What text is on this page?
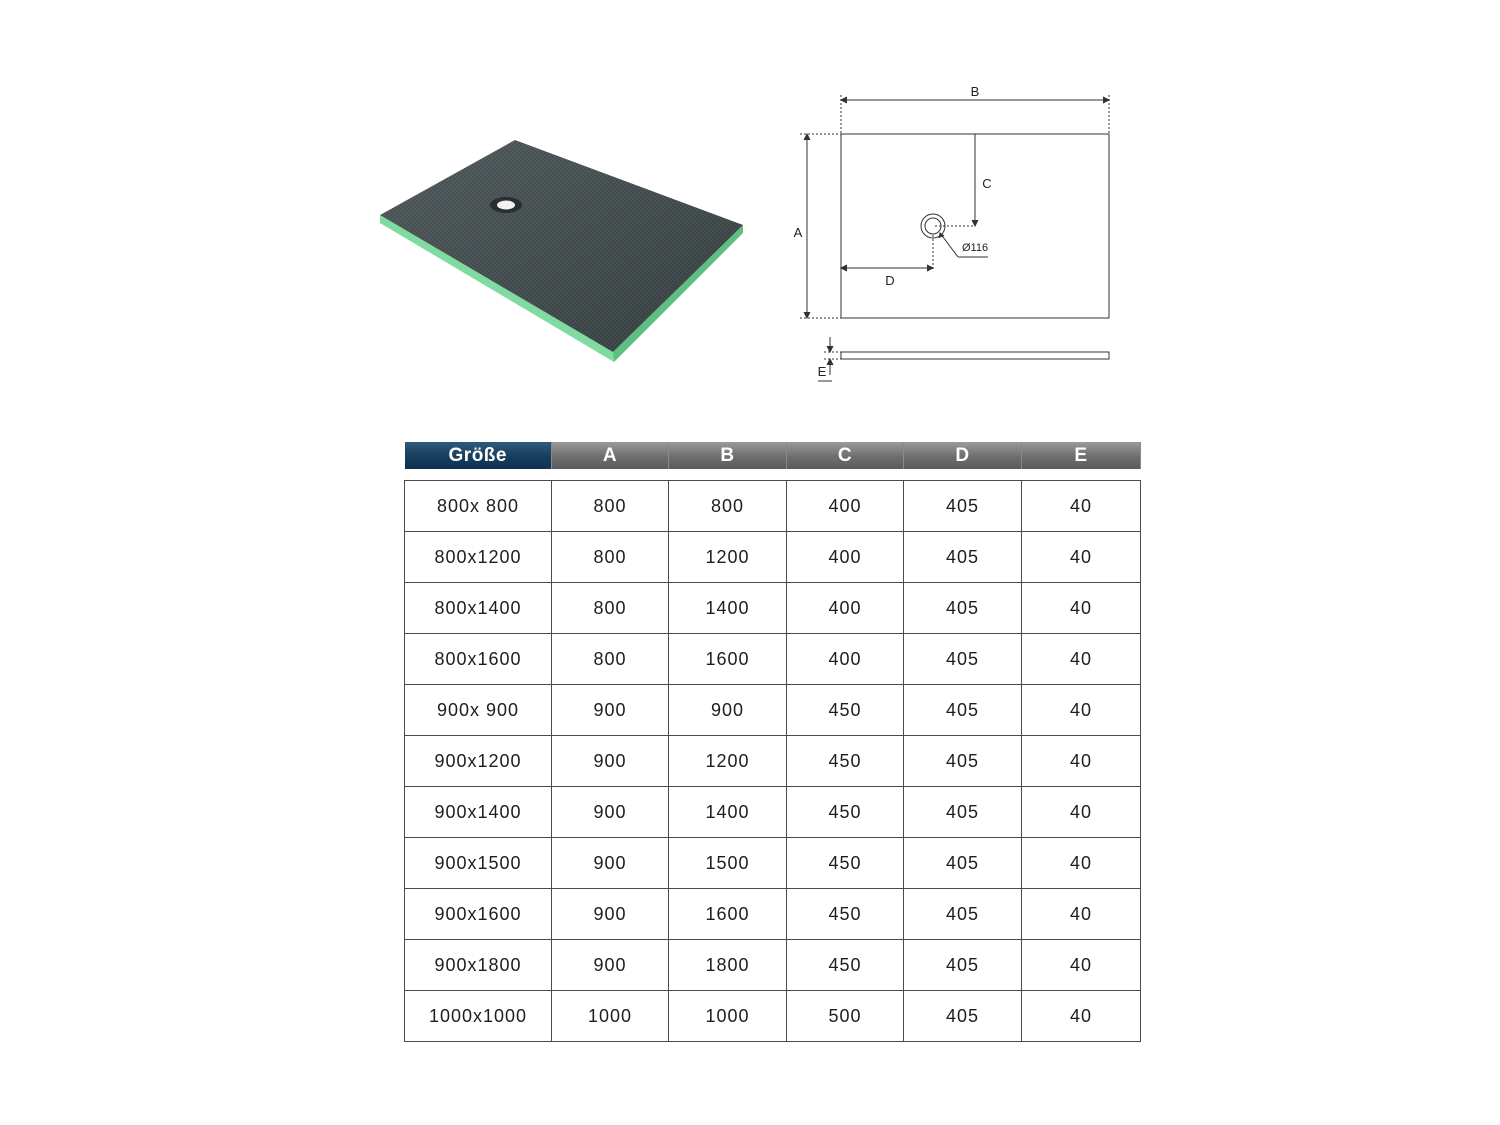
B
A
C
D
E
Ø116
Größe	A	B	C	D	E

800x 800	800	800	400	405	40
800x1200	800	1200	400	405	40
800x1400	800	1400	400	405	40
800x1600	800	1600	400	405	40
900x 900	900	900	450	405	40
900x1200	900	1200	450	405	40
900x1400	900	1400	450	405	40
900x1500	900	1500	450	405	40
900x1600	900	1600	450	405	40
900x1800	900	1800	450	405	40
1000x1000	1000	1000	500	405	40
